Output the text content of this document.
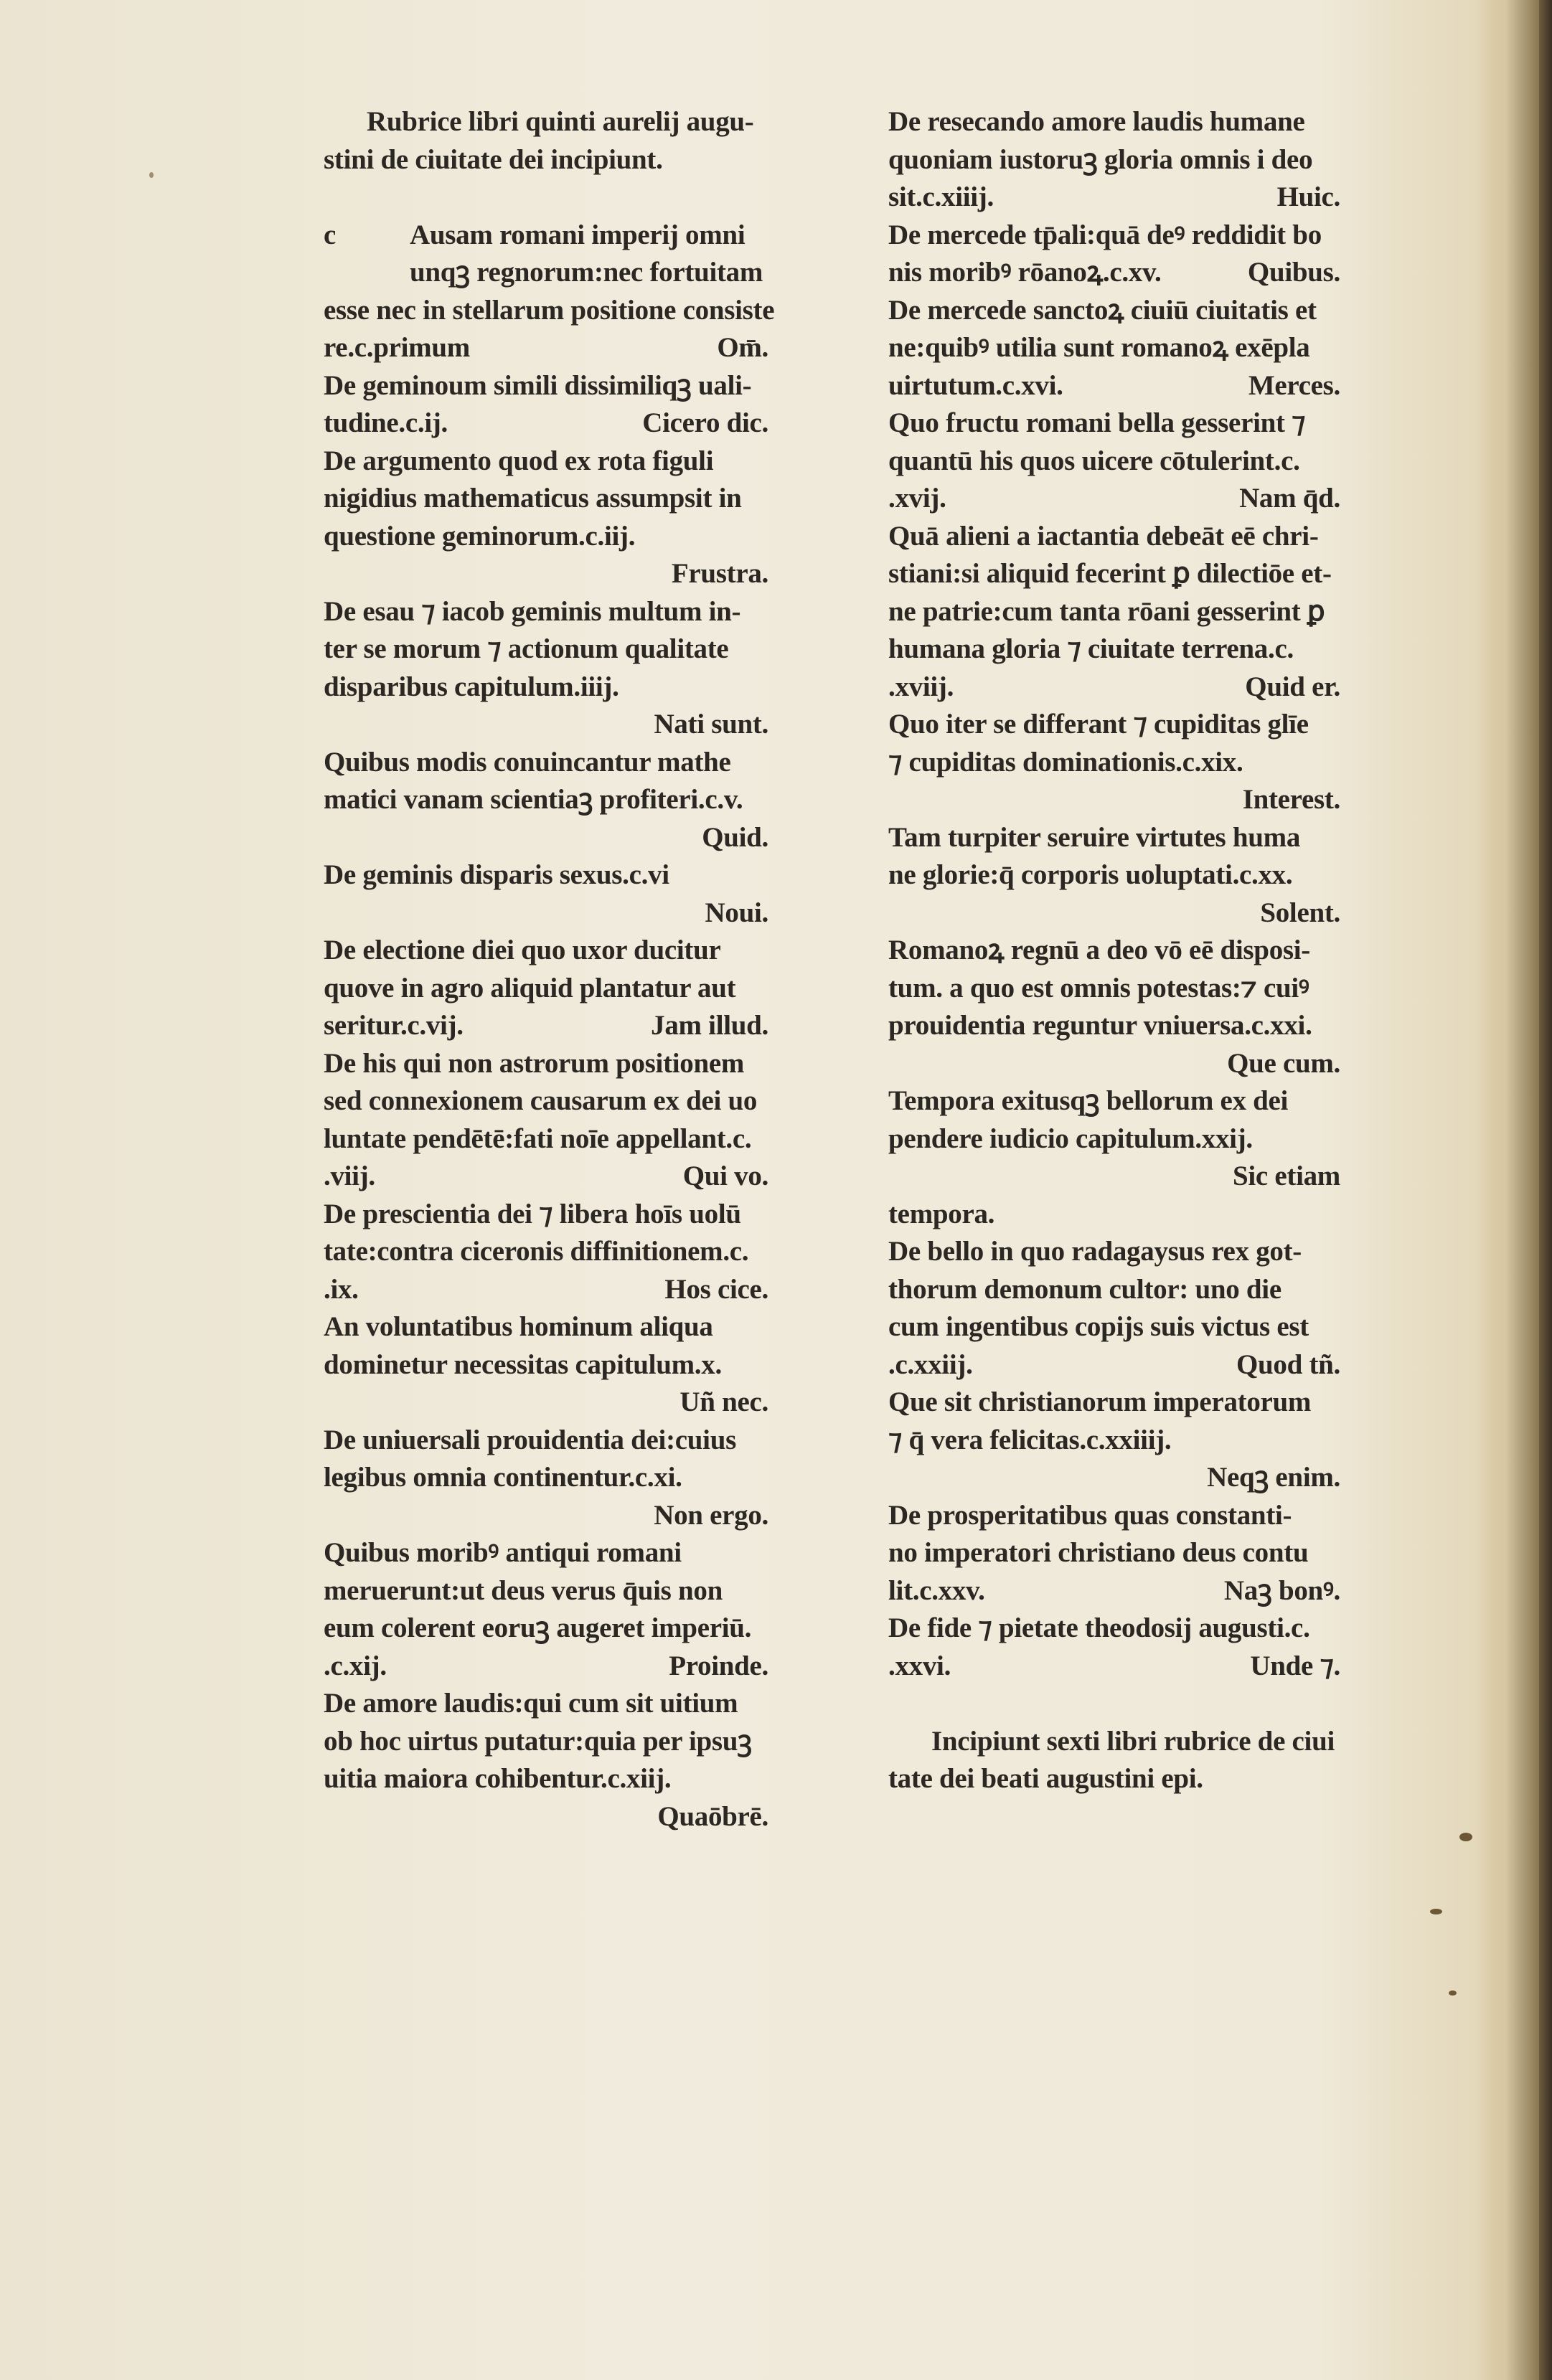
Rubrice libri quinti aurelij augu-
stini de ciuitate dei incipiunt.
c	Ausam romani imperij omni
unqꝫ regnorum:nec fortuitam
esse nec in stellarum positione consiste
re.c.primum	Om̄.
De geminoum simili dissimiliqꝫ uali-
tudine.c.ij.	Cicero dic.
De argumento quod ex rota figuli
nigidius mathematicus assumpsit in
questione geminorum.c.iij.
Frustra.
De esau ⁊ iacob geminis multum in-
ter se morum ⁊ actionum qualitate
disparibus capitulum.iiij.
Nati sunt.
Quibus modis conuincantur mathe
matici vanam scientiaꝫ profiteri.c.v.
Quid.
De geminis disparis sexus.c.vi
Noui.
De electione diei quo uxor ducitur
quove in agro aliquid plantatur aut
seritur.c.vij.	Jam illud.
De his qui non astrorum positionem
sed connexionem causarum ex dei uo
luntate pendētē:fati noīe appellant.c.
.viij.	Qui vo.
De prescientia dei ⁊ libera hoīs uolū
tate:contra ciceronis diffinitionem.c.
.ix.	Hos cice.
An voluntatibus hominum aliqua
dominetur necessitas capitulum.x.
Uñ nec.
De uniuersali prouidentia dei:cuius
legibus omnia continentur.c.xi.
Non ergo.
Quibus moribꝰ antiqui romani
meruerunt:ut deus verus q̄uis non
eum colerent eoruꝫ augeret imperiū.
.c.xij.	Proinde.
De amore laudis:qui cum sit uitium
ob hoc uirtus putatur:quia per ipsuꝫ
uitia maiora cohibentur.c.xiij.
Quaōbrē.
De resecando amore laudis humane
quoniam iustoruꝫ gloria omnis i deo
sit.c.xiiij.	Huic.
De mercede tp̄ali:quā deꝰ reddidit bo
nis moribꝰ rōanoꝝ.c.xv.	Quibus.
De mercede sanctoꝝ ciuiū ciuitatis et
ne:quibꝰ utilia sunt romanoꝝ exēpla
uirtutum.c.xvi.	Merces.
Quo fructu romani bella gesserint ⁊
quantū his quos uicere cōtulerint.c.
.xvij.	Nam q̄d.
Quā alieni a iactantia debeāt eē chri-
stiani:si aliquid fecerint ꝑ dilectiōe et-
ne patrie:cum tanta rōani gesserint ꝑ
humana gloria ⁊ ciuitate terrena.c.
.xviij.	Quid er.
Quo iter se differant ⁊ cupiditas glīe
⁊ cupiditas dominationis.c.xix.
Interest.
Tam turpiter seruire virtutes huma
ne glorie:q̄ corporis uoluptati.c.xx.
Solent.
Romanoꝝ regnū a deo vō eē disposi-
tum. a quo est omnis potestas:⁊ cuiꝰ
prouidentia reguntur vniuersa.c.xxi.
Que cum.
Tempora exitusqꝫ bellorum ex dei
pendere iudicio capitulum.xxij.
Sic etiam
tempora.
De bello in quo radagaysus rex got-
thorum demonum cultor: uno die
cum ingentibus copijs suis victus est
.c.xxiij.	Quod tñ.
Que sit christianorum imperatorum
⁊ q̄ vera felicitas.c.xxiiij.
Neqꝫ enim.
De prosperitatibus quas constanti-
no imperatori christiano deus contu
lit.c.xxv.	Naꝫ bonꝰ.
De fide ⁊ pietate theodosij augusti.c.
.xxvi.	Unde ⁊.
Incipiunt sexti libri rubrice de ciui
tate dei beati augustini epi.
